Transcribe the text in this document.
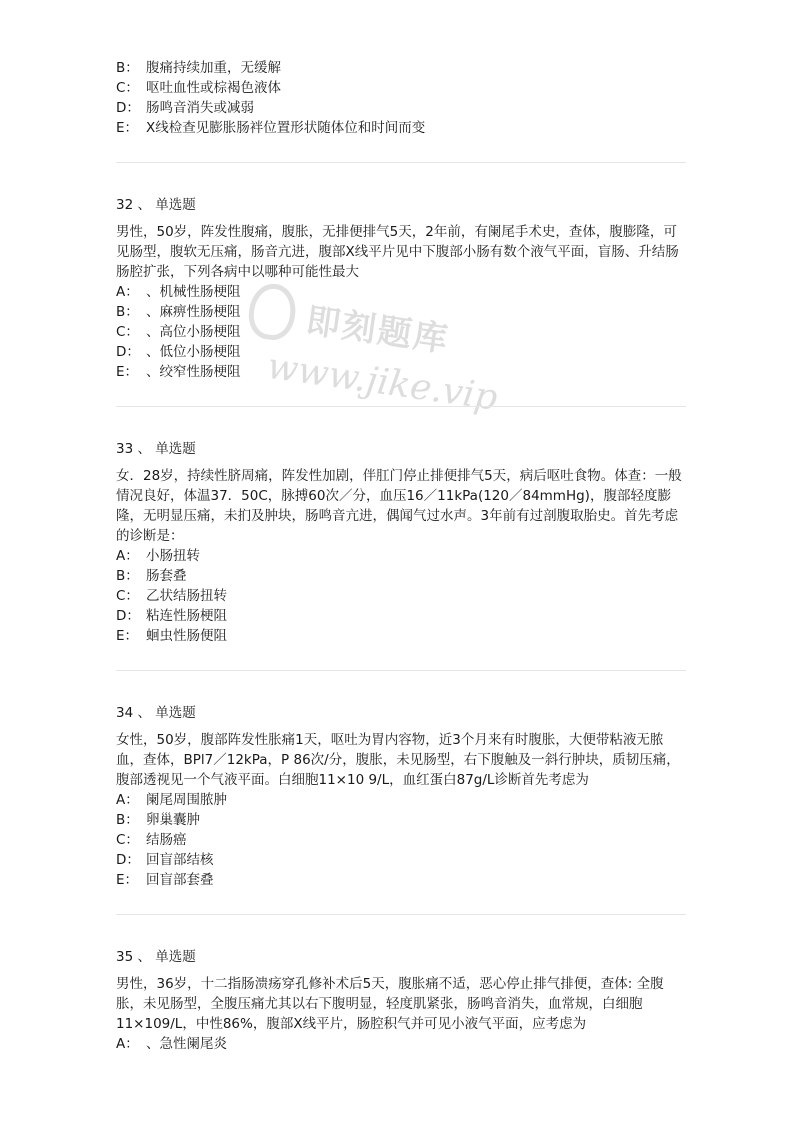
即刻题库
www.jike.vip
B： 腹痛持续加重，无缓解
C： 呕吐血性或棕褐色液体
D： 肠鸣音消失或减弱
E： X线检查见膨胀肠袢位置形状随体位和时间而变
32 、 单选题
男性，50岁，阵发性腹痛，腹胀，无排便排气5天，2年前，有阑尾手术史，查体，腹膨隆，可见肠型，腹软无压痛，肠音亢进，腹部X线平片见中下腹部小肠有数个液气平面，盲肠、升结肠肠腔扩张，下列各病中以哪种可能性最大
A： 、机械性肠梗阻
B： 、麻痹性肠梗阻
C： 、高位小肠梗阻
D： 、低位小肠梗阻
E： 、绞窄性肠梗阻
33 、 单选题
女．28岁，持续性脐周痛，阵发性加剧，伴肛门停止排便排气5天，病后呕吐食物。体查：一般情况良好，体温37．50C，脉搏60次／分，血压16／11kPa(120／84mmHg)，腹部轻度膨隆，无明显压痛，未扪及肿块，肠鸣音亢进，偶闻气过水声。3年前有过剖腹取胎史。首先考虑的诊断是：
A： 小肠扭转
B： 肠套叠
C： 乙状结肠扭转
D： 粘连性肠梗阻
E： 蛔虫性肠便阻
34 、 单选题
女性，50岁，腹部阵发性胀痛1天，呕吐为胃内容物，近3个月来有时腹胀，大便带粘液无脓血，查体，BPl7／12kPa，P 86次/分，腹胀，未见肠型，右下腹触及一斜行肿块，质韧压痛，腹部透视见一个气液平面。白细胞11×10 9/L，血红蛋白87g/L诊断首先考虑为
A： 阑尾周围脓肿
B： 卵巢囊肿
C： 结肠癌
D： 回盲部结核
E： 回盲部套叠
35 、 单选题
男性，36岁，十二指肠溃疡穿孔修补术后5天，腹胀痛不适，恶心停止排气排便，查体: 全腹胀，未见肠型，全腹压痛尤其以右下腹明显，轻度肌紧张，肠鸣音消失，血常规，白细胞11×109/L，中性86%，腹部X线平片，肠腔积气并可见小液气平面，应考虑为
A： 、急性阑尾炎
